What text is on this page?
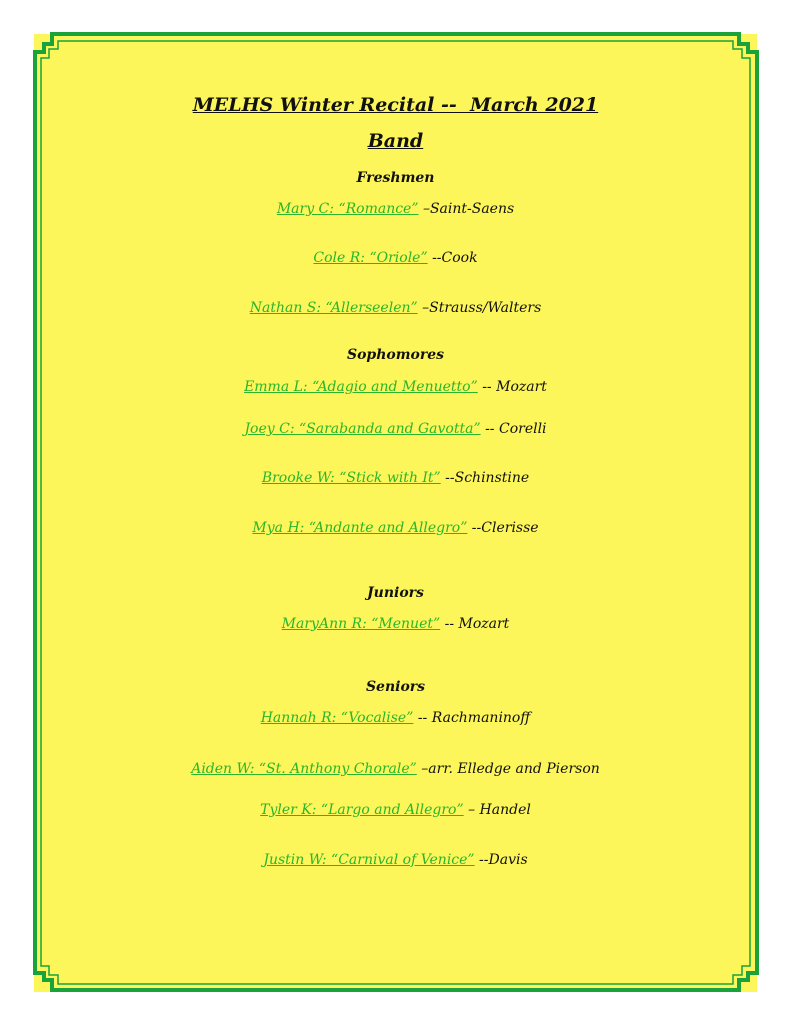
MELHS Winter Recital --  March 2021
Band
Freshmen
Mary C: “Romance” –Saint-Saens
Cole R: “Oriole” --Cook
Nathan S: “Allerseelen” –Strauss/Walters
Sophomores
Emma L: “Adagio and Menuetto” -- Mozart
Joey C: “Sarabanda and Gavotta” -- Corelli
Brooke W: “Stick with It” --Schinstine
Mya H: “Andante and Allegro” --Clerisse
Juniors
MaryAnn R: “Menuet” -- Mozart
Seniors
Hannah R: “Vocalise” -- Rachmaninoff
Aiden W: “St. Anthony Chorale” –arr. Elledge and Pierson
Tyler K: “Largo and Allegro” – Handel
Justin W: “Carnival of Venice” --Davis
